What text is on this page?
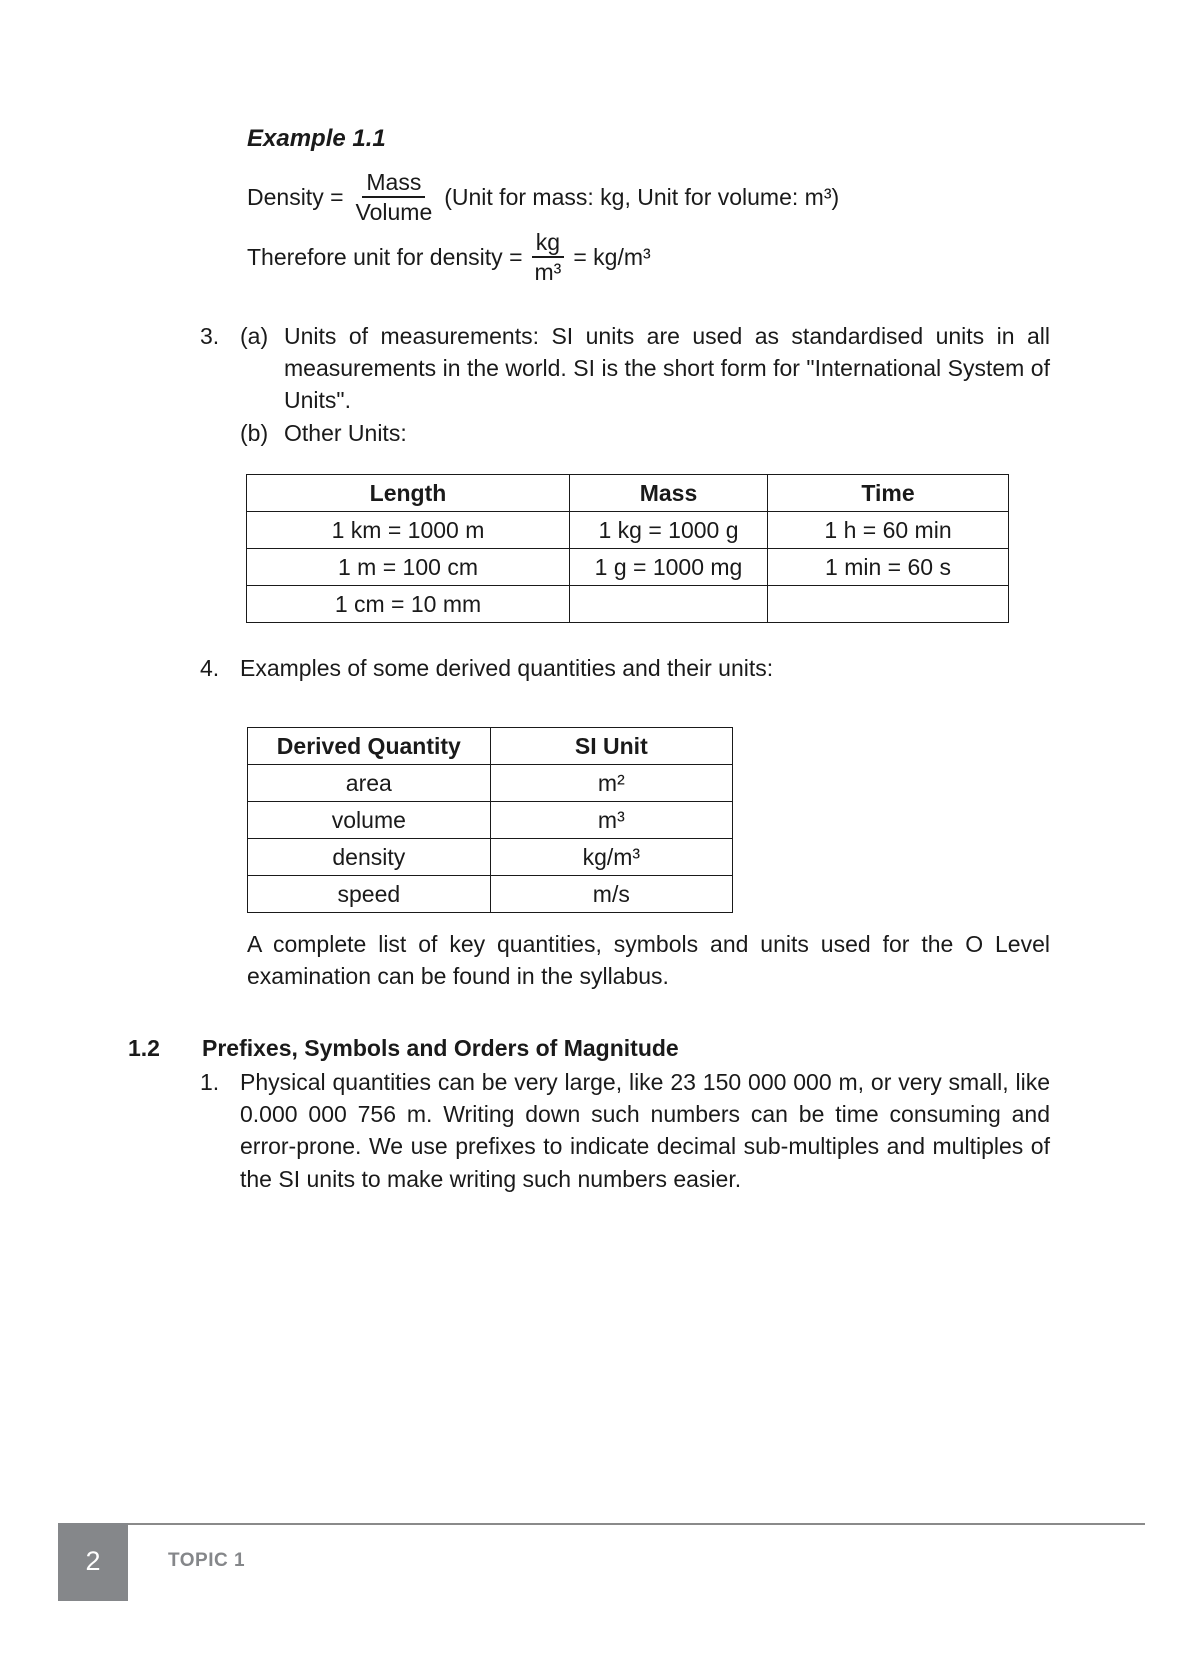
Example 1.1
Density = $\frac{\text{Mass}}{\text{Volume}}$ (Unit for mass: kg, Unit for volume: m³)
Therefore unit for density = $\frac{kg}{\text{m³}} = kg/m^3$
3. (a) Units of measurements: SI units are used as standardised units in all measurements in the world. SI is the short form for "International System of Units".
(b) Other Units:
Length	Mass	Time
1 km = 1000 m	1 kg = 1000 g	1 h = 60 min
1 m = 100 cm	1 g = 1000 mg	1 min = 60 s
1 cm = 10 mm		
4. Examples of some derived quantities and their units:
Derived Quantity	SI Unit
area	m²
volume	m³
density	kg/m³
speed	m/s
A complete list of key quantities, symbols and units used for the O Level examination can be found in the syllabus.
1.2	Prefixes, Symbols and Orders of Magnitude
1. Physical quantities can be very large, like 23 150 000 000 m, or very small, like 0.000 000 756 m. Writing down such numbers can be time consuming and error-prone. We use prefixes to indicate decimal sub-multiples and multiples of the SI units to make writing such numbers easier.
2	TOPIC 1
